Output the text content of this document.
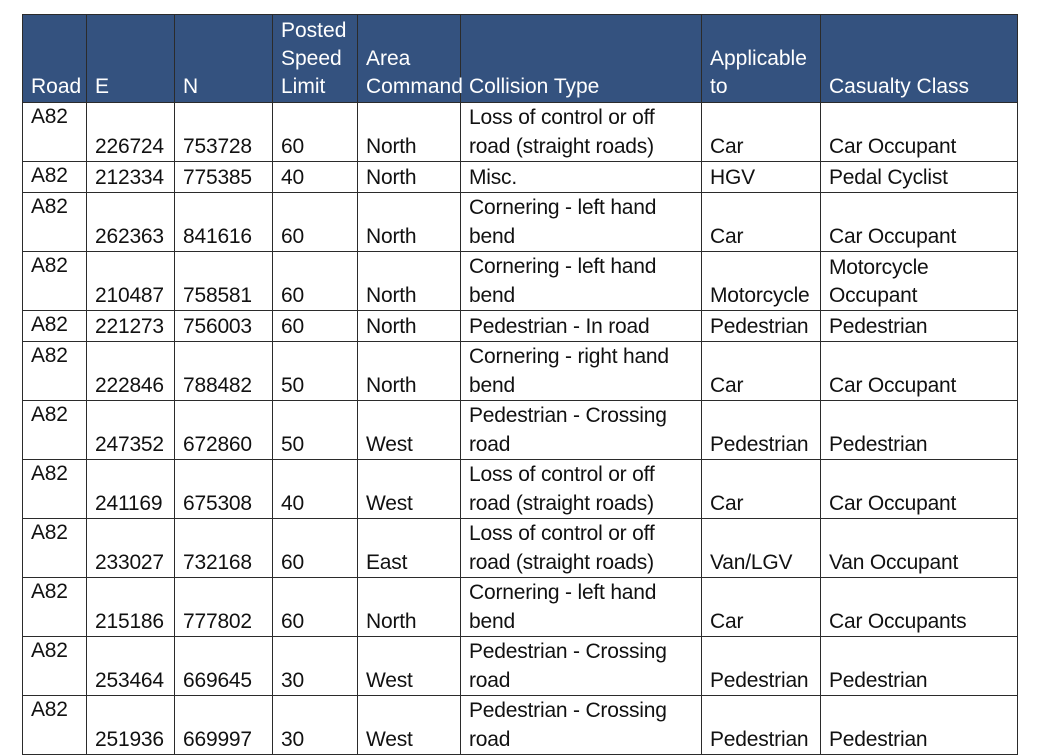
Road	E	N	Posted Speed Limit	Area Command	Collision Type	Applicable to	Casualty Class
A82	226724	753728	60	North	Loss of control or off road (straight roads)	Car	Car Occupant
A82	212334	775385	40	North	Misc.	HGV	Pedal Cyclist
A82	262363	841616	60	North	Cornering - left hand bend	Car	Car Occupant
A82	210487	758581	60	North	Cornering - left hand bend	Motorcycle	Motorcycle Occupant
A82	221273	756003	60	North	Pedestrian - In road	Pedestrian	Pedestrian
A82	222846	788482	50	North	Cornering - right hand bend	Car	Car Occupant
A82	247352	672860	50	West	Pedestrian - Crossing road	Pedestrian	Pedestrian
A82	241169	675308	40	West	Loss of control or off road (straight roads)	Car	Car Occupant
A82	233027	732168	60	East	Loss of control or off road (straight roads)	Van/LGV	Van Occupant
A82	215186	777802	60	North	Cornering - left hand bend	Car	Car Occupants
A82	253464	669645	30	West	Pedestrian - Crossing road	Pedestrian	Pedestrian
A82	251936	669997	30	West	Pedestrian - Crossing road	Pedestrian	Pedestrian
